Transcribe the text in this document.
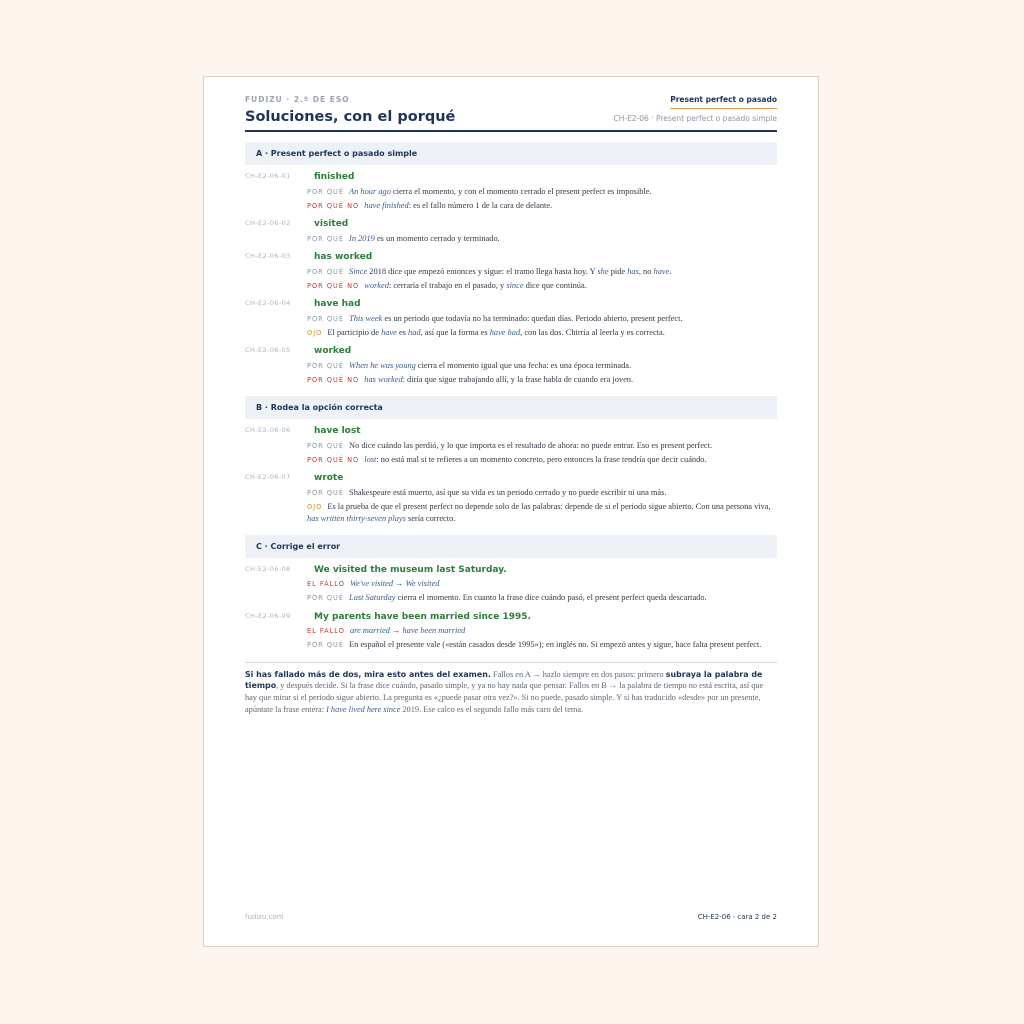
FUDIZU · 2.º DE ESO	Present perfect o pasado
Soluciones, con el porqué	CH-E2-06 · Present perfect o pasado simple
A · Present perfect o pasado simple
CH-E2-06-01	finished
POR QUÉ An hour ago cierra el momento, y con el momento cerrado el present perfect es imposible.
POR QUÉ NO have finished: es el fallo número 1 de la cara de delante.
CH-E2-06-02	visited
POR QUÉ In 2019 es un momento cerrado y terminado.
CH-E2-06-03	has worked
POR QUÉ Since 2018 dice que empezó entonces y sigue: el tramo llega hasta hoy. Y she pide has, no have.
POR QUÉ NO worked: cerraría el trabajo en el pasado, y since dice que continúa.
CH-E2-06-04	have had
POR QUÉ This week es un periodo que todavía no ha terminado: quedan días. Periodo abierto, present perfect.
OJO El participio de have es had, así que la forma es have had, con las dos. Chirría al leerla y es correcta.
CH-E2-06-05	worked
POR QUÉ When he was young cierra el momento igual que una fecha: es una época terminada.
POR QUÉ NO has worked: diría que sigue trabajando allí, y la frase habla de cuando era joven.
B · Rodea la opción correcta
CH-E2-06-06	have lost
POR QUÉ No dice cuándo las perdió, y lo que importa es el resultado de ahora: no puede entrar. Eso es present perfect.
POR QUÉ NO lost: no está mal si te refieres a un momento concreto, pero entonces la frase tendría que decir cuándo.
CH-E2-06-07	wrote
POR QUÉ Shakespeare está muerto, así que su vida es un periodo cerrado y no puede escribir ni una más.
OJO Es la prueba de que el present perfect no depende solo de las palabras: depende de si el periodo sigue abierto. Con una persona viva, has written thirty-seven plays sería correcto.
C · Corrige el error
CH-E2-06-08	We visited the museum last Saturday.
EL FALLO We've visited → We visited
POR QUÉ Last Saturday cierra el momento. En cuanto la frase dice cuándo pasó, el present perfect queda descartado.
CH-E2-06-09	My parents have been married since 1995.
EL FALLO are married → have been married
POR QUÉ En español el presente vale («están casados desde 1995»); en inglés no. Si empezó antes y sigue, hace falta present perfect.
Si has fallado más de dos, mira esto antes del examen. Fallos en A → hazlo siempre en dos pasos: primero subraya la palabra de tiempo, y después decide. Si la frase dice cuándo, pasado simple, y ya no hay nada que pensar. Fallos en B → la palabra de tiempo no está escrita, así que hay que mirar si el periodo sigue abierto. La pregunta es «¿puede pasar otra vez?». Si no puede, pasado simple. Y si has traducido «desde» por un presente, apúntate la frase entera: I have lived here since 2019. Ese calco es el segundo fallo más caro del tema.
fudizu.com	CH-E2-06 · cara 2 de 2
